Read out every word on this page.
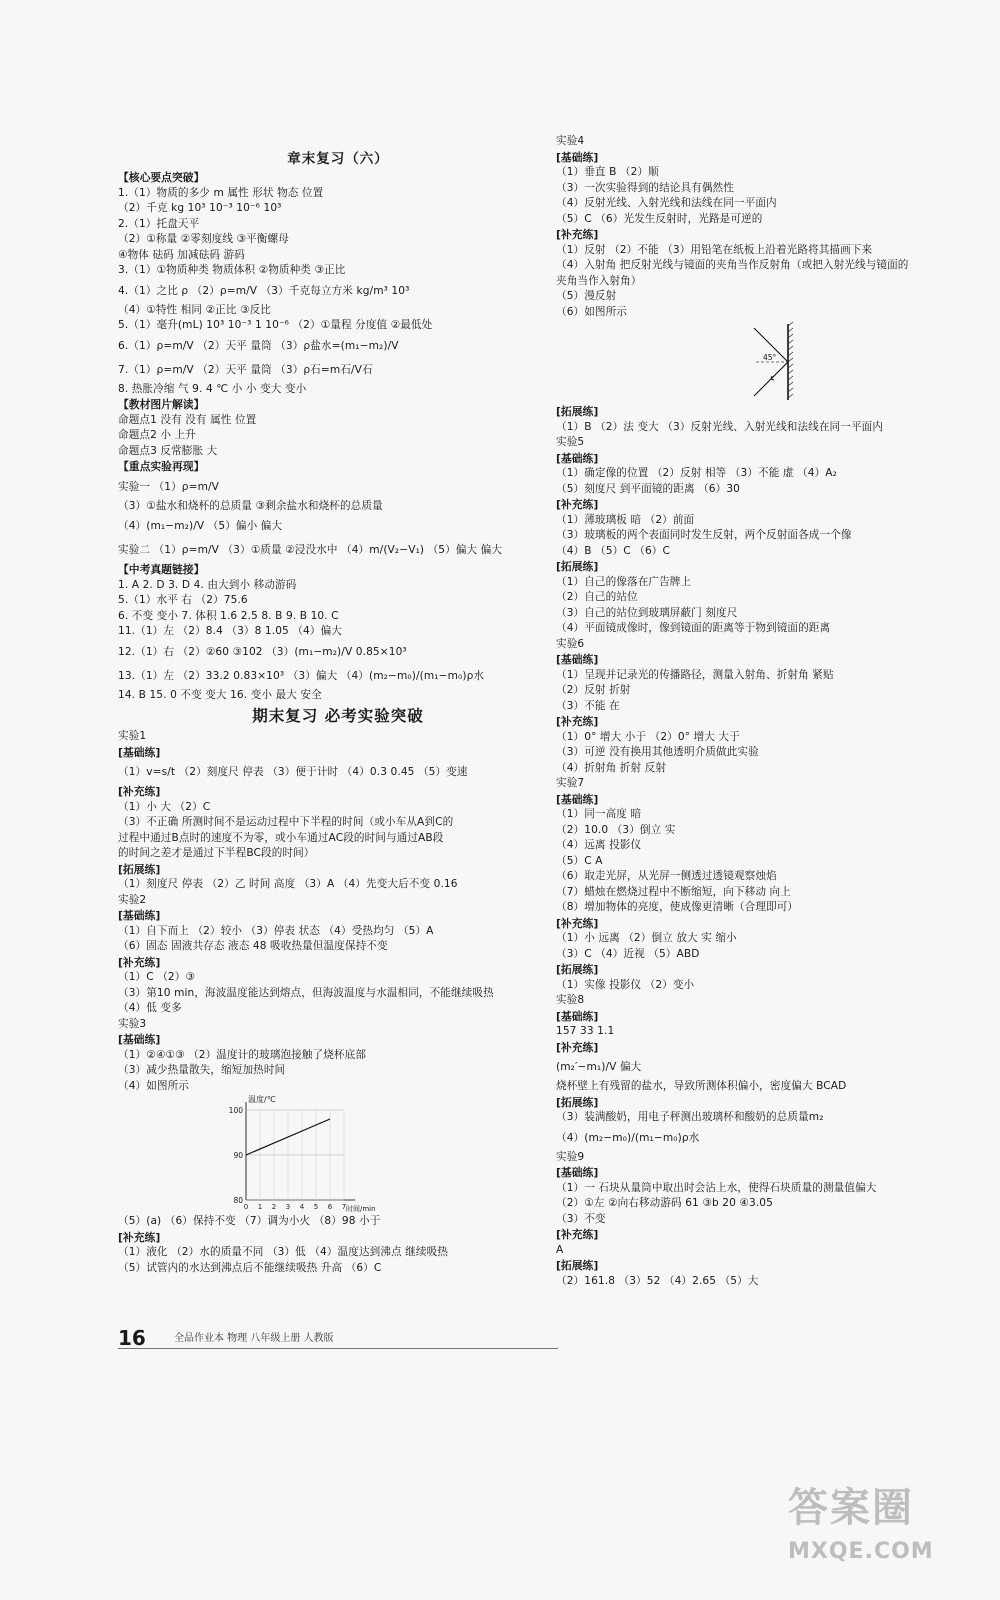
章末复习（六）
【核心要点突破】
1.（1）物质的多少 m 属性 形状 物态 位置
（2）千克 kg 10³ 10⁻³ 10⁻⁶ 10³
2.（1）托盘天平
（2）①称量 ②零刻度线 ③平衡螺母
④物体 砝码 加减砝码 游码
3.（1）①物质种类 物质体积 ②物质种类 ③正比
4.（1）之比 ρ （2）ρ=m/V （3）千克每立方米 kg/m³ 10³
（4）①特性 相同 ②正比 ③反比
5.（1）毫升(mL) 10³ 10⁻³ 1 10⁻⁶ （2）①量程 分度值 ②最低处
6.（1）ρ=m/V （2）天平 量筒 （3）ρ盐水=(m₁−m₂)/V
7.（1）ρ=m/V （2）天平 量筒 （3）ρ石=m石/V石
8. 热胀冷缩 气 9. 4 ℃ 小 小 变大 变小
【教材图片解读】
命题点1 没有 没有 属性 位置
命题点2 小 上升
命题点3 反常膨胀 大
【重点实验再现】
实验一 （1）ρ=m/V
（3）①盐水和烧杯的总质量 ③剩余盐水和烧杯的总质量
（4）(m₁−m₂)/V （5）偏小 偏大
实验二 （1）ρ=m/V （3）①质量 ②浸没水中 （4）m/(V₂−V₁) （5）偏大 偏大
【中考真题链接】
1. A 2. D 3. D 4. 由大到小 移动游码
5.（1）水平 右 （2）75.6
6. 不变 变小 7. 体积 1.6 2.5 8. B 9. B 10. C
11.（1）左 （2）8.4 （3）8 1.05 （4）偏大
12.（1）右 （2）②60 ③102 （3）(m₁−m₂)/V 0.85×10³
13.（1）左 （2）33.2 0.83×10³ （3）偏大 （4）(m₂−m₀)/(m₁−m₀)ρ水
14. B 15. 0 不变 变大 16. 变小 最大 安全
期末复习 必考实验突破
实验1
[基础练]
（1）v=s/t （2）刻度尺 停表 （3）便于计时 （4）0.3 0.45 （5）变速
[补充练]
（1）小 大 （2）C
（3）不正确 所测时间不是运动过程中下半程的时间（或小车从A到C的
过程中通过B点时的速度不为零，或小车通过AC段的时间与通过AB段
的时间之差才是通过下半程BC段的时间）
[拓展练]
（1）刻度尺 停表 （2）乙 时间 高度 （3）A （4）先变大后不变 0.16
实验2
[基础练]
（1）自下而上 （2）较小 （3）停表 状态 （4）受热均匀 （5）A
（6）固态 固液共存态 液态 48 吸收热量但温度保持不变
[补充练]
（1）C （2）③
（3）第10 min，海波温度能达到熔点，但海波温度与水温相同，不能继续吸热
（4）低 变多
实验3
[基础练]
（1）②④①③ （2）温度计的玻璃泡接触了烧杯底部
（3）减少热量散失，缩短加热时间
（4）如图所示
温度/℃
100
90
80
0 1 2 3 4 5 6 7 时间/min
（5）(a) （6）保持不变 （7）调为小火 （8）98 小于
[补充练]
（1）液化 （2）水的质量不同 （3）低 （4）温度达到沸点 继续吸热
（5）试管内的水达到沸点后不能继续吸热 升高 （6）C
实验4
[基础练]
（1）垂直 B （2）顺
（3）一次实验得到的结论具有偶然性
（4）反射光线、入射光线和法线在同一平面内
（5）C （6）光发生反射时，光路是可逆的
[补充练]
（1）反射 （2）不能 （3）用铅笔在纸板上沿着光路将其描画下来
（4）入射角 把反射光线与镜面的夹角当作反射角（或把入射光线与镜面的
夹角当作入射角）
（5）漫反射
（6）如图所示
45°
[拓展练]
（1）B （2）法 变大 （3）反射光线、入射光线和法线在同一平面内
实验5
[基础练]
（1）确定像的位置 （2）反射 相等 （3）不能 虚 （4）A₂
（5）刻度尺 到平面镜的距离 （6）30
[补充练]
（1）薄玻璃板 暗 （2）前面
（3）玻璃板的两个表面同时发生反射，两个反射面各成一个像
（4）B （5）C （6）C
[拓展练]
（1）自己的像落在广告牌上
（2）自己的站位
（3）自己的站位到玻璃屏蔽门 刻度尺
（4）平面镜成像时，像到镜面的距离等于物到镜面的距离
实验6
[基础练]
（1）呈现并记录光的传播路径，测量入射角、折射角 紧贴
（2）反射 折射
（3）不能 在
[补充练]
（1）0° 增大 小于 （2）0° 增大 大于
（3）可逆 没有换用其他透明介质做此实验
（4）折射角 折射 反射
实验7
[基础练]
（1）同一高度 暗
（2）10.0 （3）倒立 实
（4）远离 投影仪
（5）C A
（6）取走光屏，从光屏一侧透过透镜观察烛焰
（7）蜡烛在燃烧过程中不断缩短，向下移动 向上
（8）增加物体的亮度，使成像更清晰（合理即可）
[补充练]
（1）小 远离 （2）倒立 放大 实 缩小
（3）C （4）近视 （5）ABD
[拓展练]
（1）实像 投影仪 （2）变小
实验8
[基础练]
157 33 1.1
[补充练]
(m₂′−m₁)/V 偏大
烧杯壁上有残留的盐水，导致所测体积偏小，密度偏大 BCAD
[拓展练]
（3）装满酸奶，用电子秤测出玻璃杯和酸奶的总质量m₂
（4）(m₂−m₀)/(m₁−m₀)ρ水
实验9
[基础练]
（1）一 石块从量筒中取出时会沾上水，使得石块质量的测量值偏大
（2）①左 ②向右移动游码 61 ③b 20 ④3.05
（3）不变
[补充练]
A
[拓展练]
（2）161.8 （3）52 （4）2.65 （5）大
16	全品作业本 物理 八年级上册 人教版
答案圈
MXQE.COM
